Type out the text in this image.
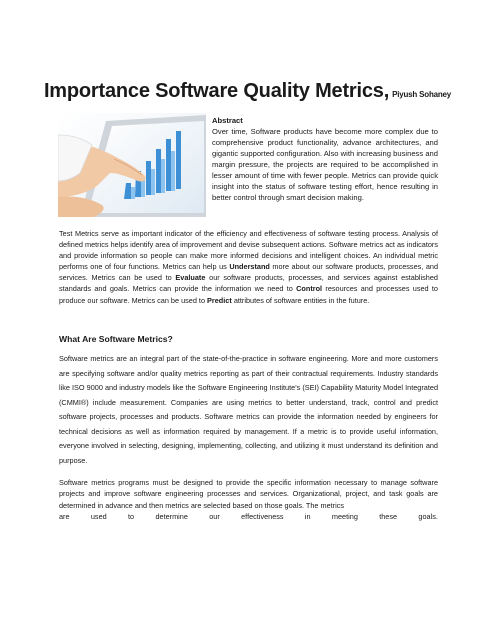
Importance Software Quality Metrics, Piyush Sohaney

Abstract

Over time, Software products have become more complex due to comprehensive product functionality, advance architectures, and gigantic supported configuration. Also with increasing business and margin pressure, the projects are required to be accomplished in lesser amount of time with fewer people. Metrics can provide quick insight into the status of software testing effort, hence resulting in better control through smart decision making.

Test Metrics serve as important indicator of the efficiency and effectiveness of software testing process. Analysis of defined metrics helps identify area of improvement and devise subsequent actions. Software metrics act as indicators and provide information so people can make more informed decisions and intelligent choices. An individual metric performs one of four functions. Metrics can help us Understand more about our software products, processes, and services. Metrics can be used to Evaluate our software products, processes, and services against established standards and goals. Metrics can provide the information we need to Control resources and processes used to produce our software. Metrics can be used to Predict attributes of software entities in the future.

What Are Software Metrics?

Software metrics are an integral part of the state-of-the-practice in software engineering. More and more customers are specifying software and/or quality metrics reporting as part of their contractual requirements. Industry standards like ISO 9000 and industry models like the Software Engineering Institute's (SEI) Capability Maturity Model Integrated (CMMI®) include measurement. Companies are using metrics to better understand, track, control and predict software projects, processes and products. Software metrics can provide the information needed by engineers for technical decisions as well as information required by management. If a metric is to provide useful information, everyone involved in selecting, designing, implementing, collecting, and utilizing it must understand its definition and purpose.

Software metrics programs must be designed to provide the specific information necessary to manage software projects and improve software engineering processes and services. Organizational, project, and task goals are determined in advance and then metrics are selected based on those goals. The metrics
are	used	to	determine	our	effectiveness	in	meeting	these	goals.
